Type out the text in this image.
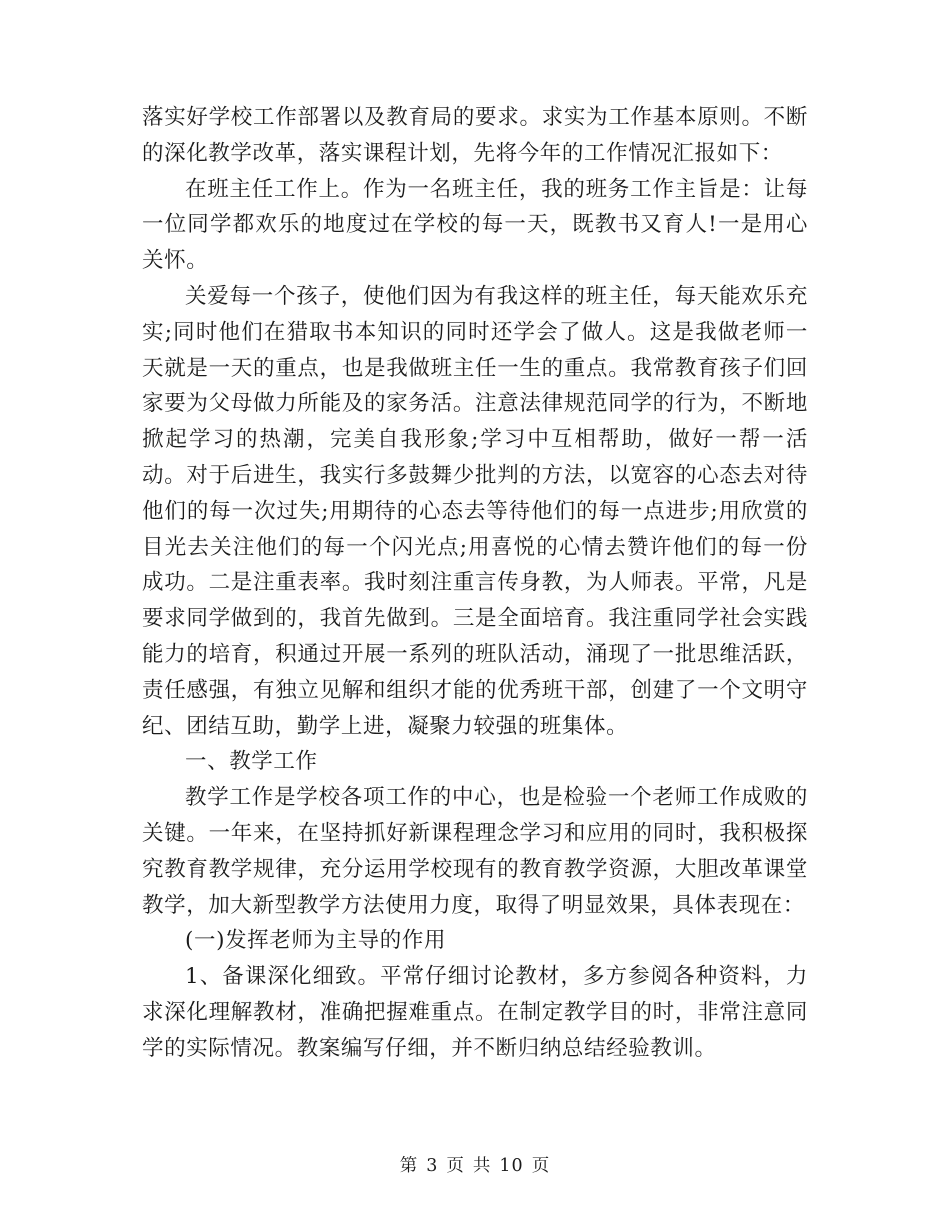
落实好学校工作部署以及教育局的要求。求实为工作基本原则。不断的深化教学改革，落实课程计划，先将今年的工作情况汇报如下：

在班主任工作上。作为一名班主任，我的班务工作主旨是：让每一位同学都欢乐的地度过在学校的每一天，既教书又育人!一是用心关怀。

关爱每一个孩子，使他们因为有我这样的班主任，每天能欢乐充实;同时他们在猎取书本知识的同时还学会了做人。这是我做老师一天就是一天的重点，也是我做班主任一生的重点。我常教育孩子们回家要为父母做力所能及的家务活。注意法律规范同学的行为，不断地掀起学习的热潮，完美自我形象;学习中互相帮助，做好一帮一活动。对于后进生，我实行多鼓舞少批判的方法，以宽容的心态去对待他们的每一次过失;用期待的心态去等待他们的每一点进步;用欣赏的目光去关注他们的每一个闪光点;用喜悦的心情去赞许他们的每一份成功。二是注重表率。我时刻注重言传身教，为人师表。平常，凡是要求同学做到的，我首先做到。三是全面培育。我注重同学社会实践能力的培育，积通过开展一系列的班队活动，涌现了一批思维活跃，责任感强，有独立见解和组织才能的优秀班干部，创建了一个文明守纪、团结互助，勤学上进，凝聚力较强的班集体。

一、教学工作

教学工作是学校各项工作的中心，也是检验一个老师工作成败的关键。一年来，在坚持抓好新课程理念学习和应用的同时，我积极探究教育教学规律，充分运用学校现有的教育教学资源，大胆改革课堂教学，加大新型教学方法使用力度，取得了明显效果，具体表现在：

(一)发挥老师为主导的作用

1、备课深化细致。平常仔细讨论教材，多方参阅各种资料，力求深化理解教材，准确把握难重点。在制定教学目的时，非常注意同学的实际情况。教案编写仔细，并不断归纳总结经验教训。

第 3 页 共 10 页
